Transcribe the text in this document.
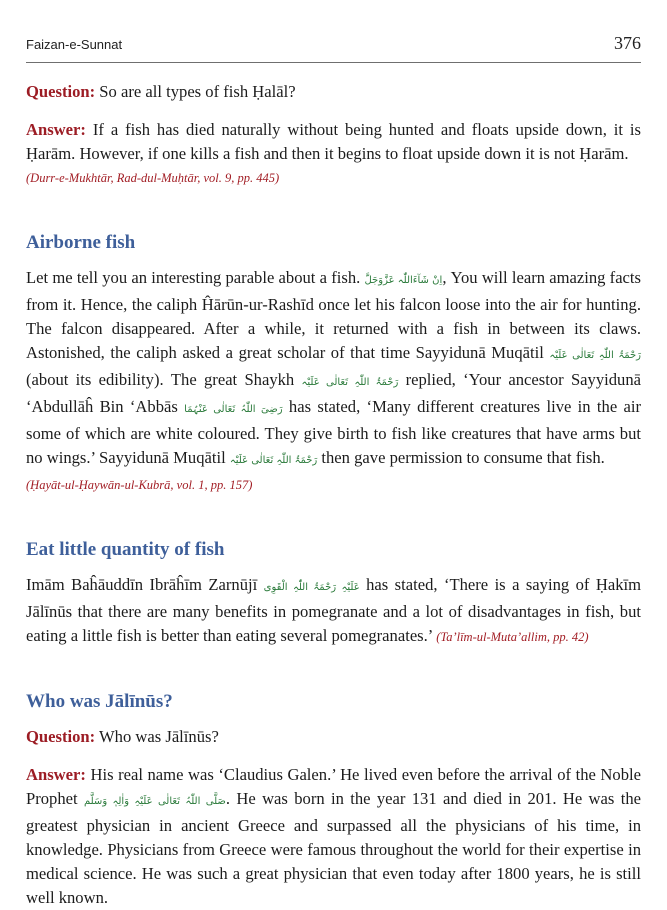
Faizan-e-Sunnat	376

Question: So are all types of fish Ḥalāl?

Answer: If a fish has died naturally without being hunted and floats upside down, it is Ḥarām. However, if one kills a fish and then it begins to float upside down it is not Ḥarām.

(Durr-e-Mukhtār, Rad-dul-Muḥtār, vol. 9, pp. 445)
Airborne fish

Let me tell you an interesting parable about a fish. اِنْ شَآءَاللّٰہ عَزَّوَجَلَّ, You will learn amazing facts from it. Hence, the caliph Ĥārūn-ur-Rashīd once let his falcon loose into the air for hunting. The falcon disappeared. After a while, it returned with a fish in between its claws. Astonished, the caliph asked a great scholar of that time Sayyidunā Muqātil رَحْمَۃُ اللّٰہِ تَعَالٰی عَلَیْہ (about its edibility). The great Shaykh رَحْمَۃُ اللّٰہِ تَعَالٰی عَلَیْہ replied, ‘Your ancestor Sayyidunā ‘Abdullāĥ Bin ‘Abbās رَضِیَ اللّٰہُ تَعَالٰی عَنْہُمَا has stated, ‘Many different creatures live in the air some of which are white coloured. They give birth to fish like creatures that have arms but no wings.’ Sayyidunā Muqātil رَحْمَۃُ اللّٰہِ تَعَالٰی عَلَیْہ then gave permission to consume that fish.

(Ḥayāt-ul-Ḥaywān-ul-Kubrā, vol. 1, pp. 157)
Eat little quantity of fish

Imām Baĥāuddīn Ibrāĥīm Zarnūjī عَلَیْہِ رَحْمَۃُ اللّٰہِ الْقَوِی has stated, ‘There is a saying of Ḥakīm Jālīnūs that there are many benefits in pomegranate and a lot of disadvantages in fish, but eating a little fish is better than eating several pomegranates.’ (Ta’līm-ul-Muta’allim, pp. 42)

Who was Jālīnūs?

Question: Who was Jālīnūs?

Answer: His real name was ‘Claudius Galen.’ He lived even before the arrival of the Noble Prophet صَلَّی اللّٰہُ تَعَالٰی عَلَیْہِ وَاٰلِہٖ وَسَلَّم. He was born in the year 131 and died in 201. He was the greatest physician in ancient Greece and surpassed all the physicians of his time, in knowledge. Physicians from Greece were famous throughout the world for their expertise in medical science. He was such a great physician that even today after 1800 years, he is still well known.
